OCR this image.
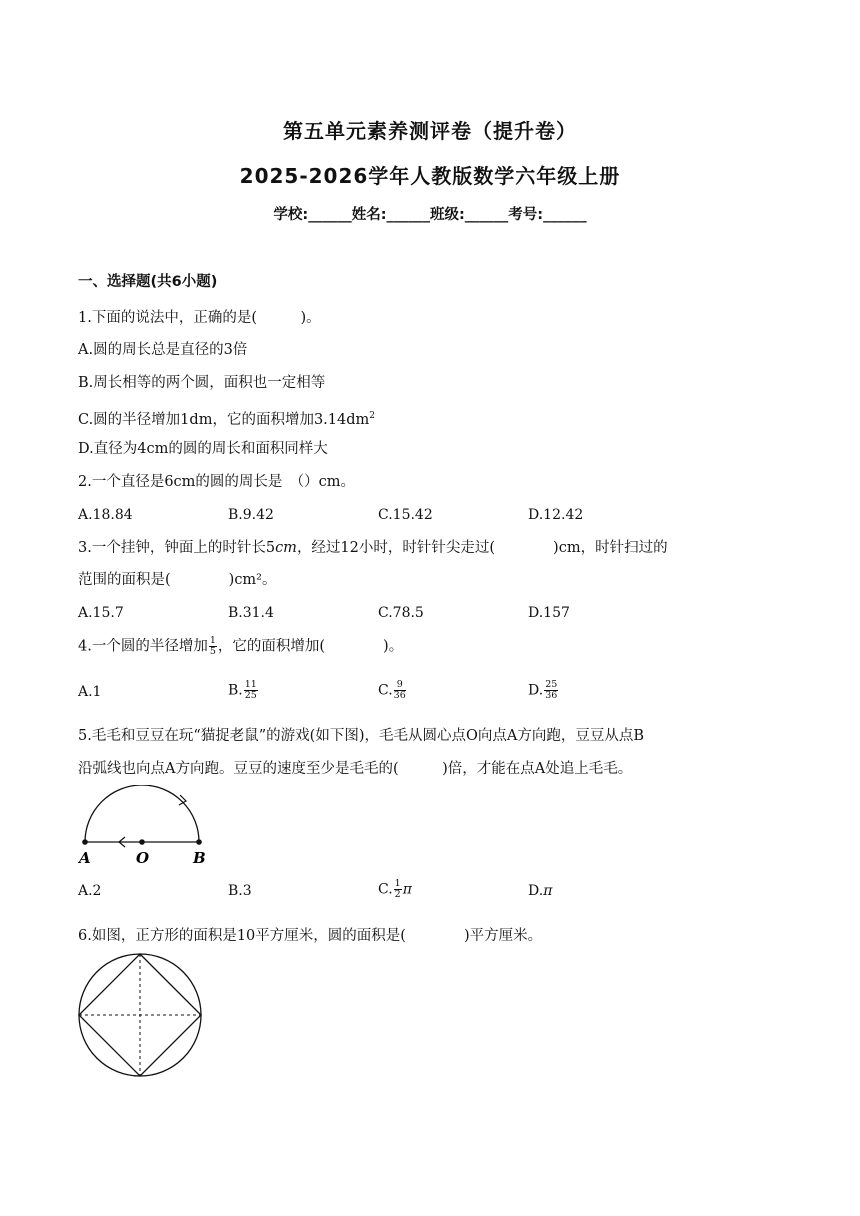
第五单元素养测评卷（提升卷）
2025-2026学年人教版数学六年级上册
学校:______姓名:______班级:______考号:______
一、选择题(共6小题)
1.下面的说法中，正确的是(　　　)。
A.圆的周长总是直径的3倍
B.周长相等的两个圆，面积也一定相等
C.圆的半径增加1dm，它的面积增加$3.14dm^2$
D.直径为4cm的圆的周长和面积同样大
2.一个直径是6cm的圆的周长是　（）cm。
A.18.84	B.9.42	C.15.42	D.12.42
3.一个挂钟，钟面上的时针长5cm，经过12小时，时针针尖走过(　　　　)cm，时针扫过的
范围的面积是(　　　　)cm²。
A.15.7	B.31.4	C.78.5	D.157
4.一个圆的半径增加 $\frac{1}{5}$ ，它的面积增加(　　　　)。
A.1	B. $\frac{11}{25}$	C. $\frac{9}{36}$	D. $\frac{25}{36}$
5.毛毛和豆豆在玩“猫捉老鼠”的游戏(如下图)，毛毛从圆心点O向点A方向跑，豆豆从点B
沿弧线也向点A方向跑。豆豆的速度至少是毛毛的(　　　)倍，才能在点A处追上毛毛。
A	O	B
A.2	B.3	C. $\frac{1}{2}$ π	D.π
6.如图，正方形的面积是10平方厘米，圆的面积是(　　　　)平方厘米。
